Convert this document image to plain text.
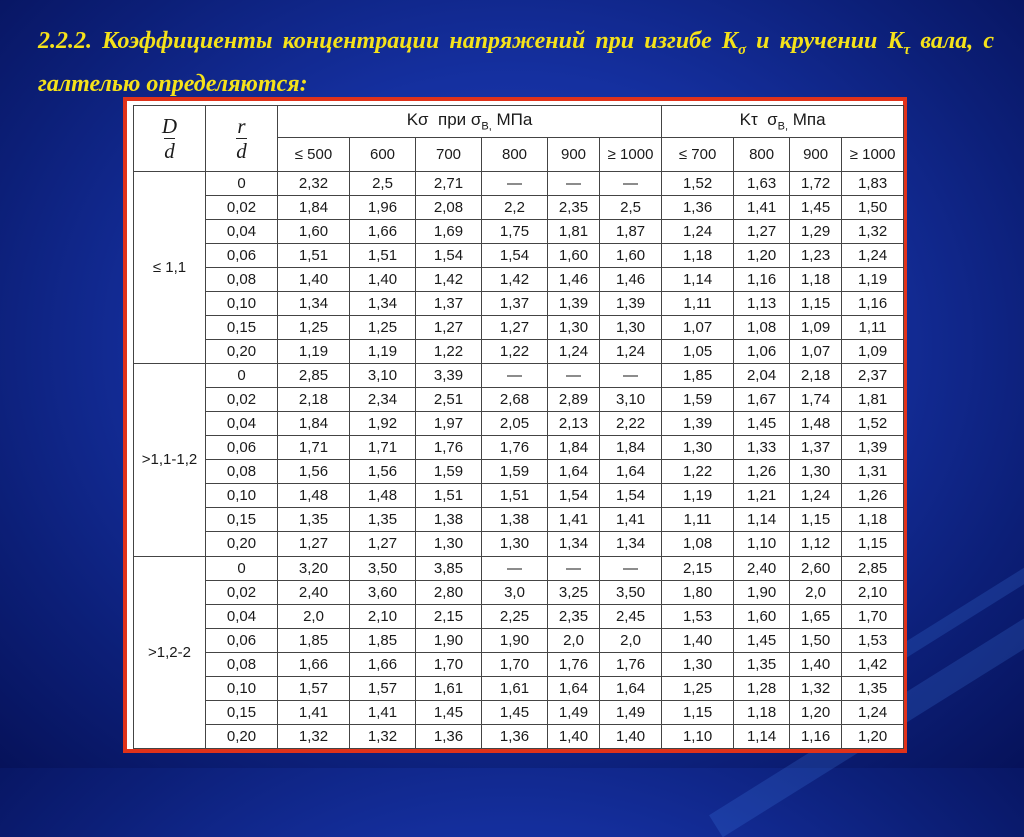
2.2.2. Коэффициенты концентрации напряжений при изгибе $K_\sigma$ и кручении $K_\tau$ вала, с галтелью определяются:
$\frac{D}{d}$	$\frac{r}{d}$	Kσ при $\sigma_{В,}$ МПа						Kτ $\sigma_{В,}$ Мпа			
		≤ 500	600	700	800	900	≥ 1000	≤ 700	800	900	≥ 1000
≤ 1,1	0	2,32	2,5	2,71	—	—	—	1,52	1,63	1,72	1,83
	0,02	1,84	1,96	2,08	2,2	2,35	2,5	1,36	1,41	1,45	1,50
	0,04	1,60	1,66	1,69	1,75	1,81	1,87	1,24	1,27	1,29	1,32
	0,06	1,51	1,51	1,54	1,54	1,60	1,60	1,18	1,20	1,23	1,24
	0,08	1,40	1,40	1,42	1,42	1,46	1,46	1,14	1,16	1,18	1,19
	0,10	1,34	1,34	1,37	1,37	1,39	1,39	1,11	1,13	1,15	1,16
	0,15	1,25	1,25	1,27	1,27	1,30	1,30	1,07	1,08	1,09	1,11
	0,20	1,19	1,19	1,22	1,22	1,24	1,24	1,05	1,06	1,07	1,09
>1,1-1,2	0	2,85	3,10	3,39	—	—	—	1,85	2,04	2,18	2,37
	0,02	2,18	2,34	2,51	2,68	2,89	3,10	1,59	1,67	1,74	1,81
	0,04	1,84	1,92	1,97	2,05	2,13	2,22	1,39	1,45	1,48	1,52
	0,06	1,71	1,71	1,76	1,76	1,84	1,84	1,30	1,33	1,37	1,39
	0,08	1,56	1,56	1,59	1,59	1,64	1,64	1,22	1,26	1,30	1,31
	0,10	1,48	1,48	1,51	1,51	1,54	1,54	1,19	1,21	1,24	1,26
	0,15	1,35	1,35	1,38	1,38	1,41	1,41	1,11	1,14	1,15	1,18
	0,20	1,27	1,27	1,30	1,30	1,34	1,34	1,08	1,10	1,12	1,15
>1,2-2	0	3,20	3,50	3,85	—	—	—	2,15	2,40	2,60	2,85
	0,02	2,40	3,60	2,80	3,0	3,25	3,50	1,80	1,90	2,0	2,10
	0,04	2,0	2,10	2,15	2,25	2,35	2,45	1,53	1,60	1,65	1,70
	0,06	1,85	1,85	1,90	1,90	2,0	2,0	1,40	1,45	1,50	1,53
	0,08	1,66	1,66	1,70	1,70	1,76	1,76	1,30	1,35	1,40	1,42
	0,10	1,57	1,57	1,61	1,61	1,64	1,64	1,25	1,28	1,32	1,35
	0,15	1,41	1,41	1,45	1,45	1,49	1,49	1,15	1,18	1,20	1,24
	0,20	1,32	1,32	1,36	1,36	1,40	1,40	1,10	1,14	1,16	1,20
